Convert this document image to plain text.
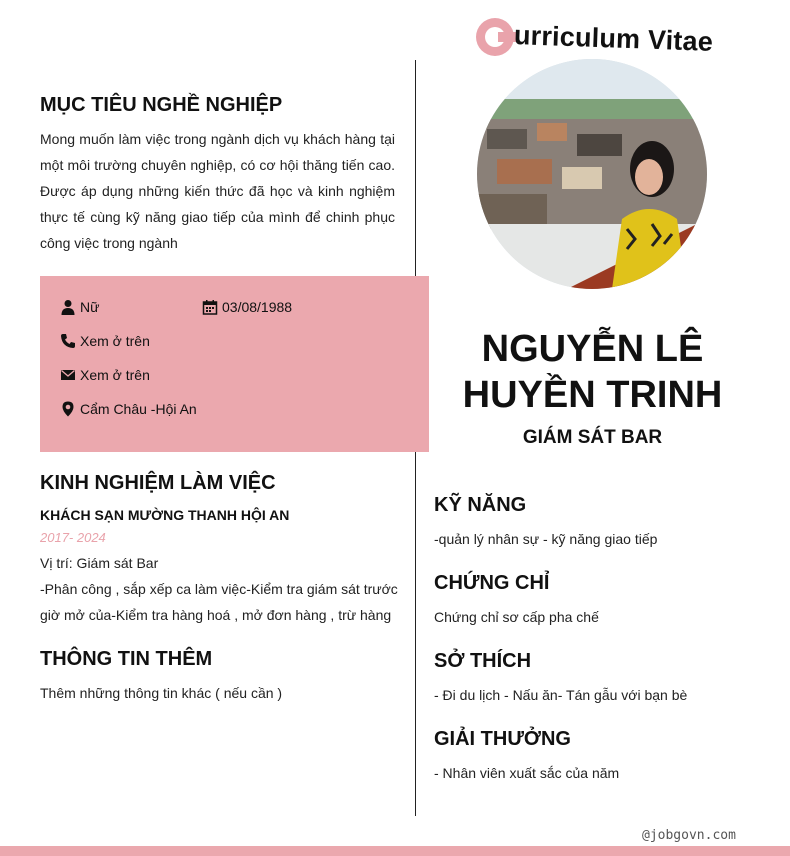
urriculum Vitae
MỤC TIÊU NGHỀ NGHIỆP
Mong muốn làm việc trong ngành dịch vụ khách hàng tại một môi trường chuyên nghiệp, có cơ hội thăng tiến cao. Được áp dụng những kiến thức đã học và kinh nghiệm thực tế cùng kỹ năng giao tiếp của mình để chinh phục công việc trong ngành
Nữ	03/08/1988
Xem ở trên
Xem ở trên
Cẩm Châu -Hội An
NGUYỄN LÊ
HUYỀN TRINH
GIÁM SÁT BAR
KINH NGHIỆM LÀM VIỆC
KHÁCH SẠN MƯỜNG THANH HỘI AN
2017- 2024
Vị trí: Giám sát Bar
-Phân công , sắp xếp ca làm việc-Kiểm tra giám sát trước giờ mở của-Kiểm tra hàng hoá , mở đơn hàng , trừ hàng
THÔNG TIN THÊM
Thêm những thông tin khác ( nếu cần )
KỸ NĂNG
-quản lý nhân sự - kỹ năng giao tiếp
CHỨNG CHỈ
Chứng chỉ sơ cấp pha chế
SỞ THÍCH
- Đi du lịch - Nấu ăn- Tán gẫu với bạn bè
GIẢI THƯỞNG
- Nhân viên xuất sắc của năm
@jobgovn.com
